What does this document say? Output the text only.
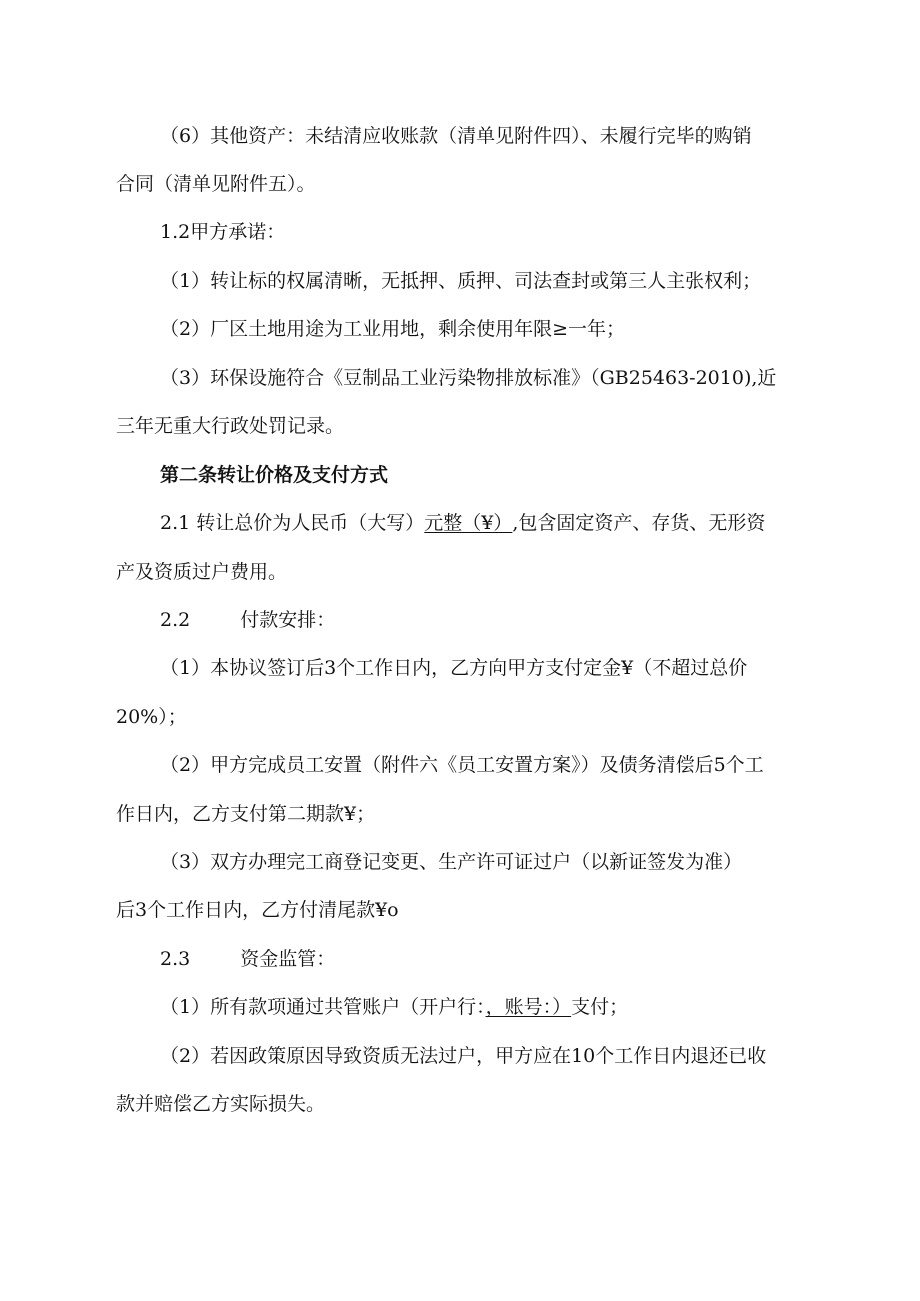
（6）其他资产：未结清应收账款（清单见附件四）、未履行完毕的购销
合同（清单见附件五）。
1.2甲方承诺：
（1）转让标的权属清晰，无抵押、质押、司法查封或第三人主张权利；
（2）厂区土地用途为工业用地，剩余使用年限≥一年；
（3）环保设施符合《豆制品工业污染物排放标准》（GB25463-2010),近
三年无重大行政处罚记录。
第二条转让价格及支付方式
2.1 转让总价为人民币（大写）元整（¥）,包含固定资产、存货、无形资
产及资质过户费用。
2.2	付款安排：
（1）本协议签订后3个工作日内，乙方向甲方支付定金¥（不超过总价
20%）；
（2）甲方完成员工安置（附件六《员工安置方案》）及债务清偿后5个工
作日内，乙方支付第二期款¥；
（3）双方办理完工商登记变更、生产许可证过户（以新证签发为准）
后3个工作日内，乙方付清尾款¥o
2.3	资金监管：
（1）所有款项通过共管账户（开户行：，账号：）支付；
（2）若因政策原因导致资质无法过户，甲方应在10个工作日内退还已收
款并赔偿乙方实际损失。
